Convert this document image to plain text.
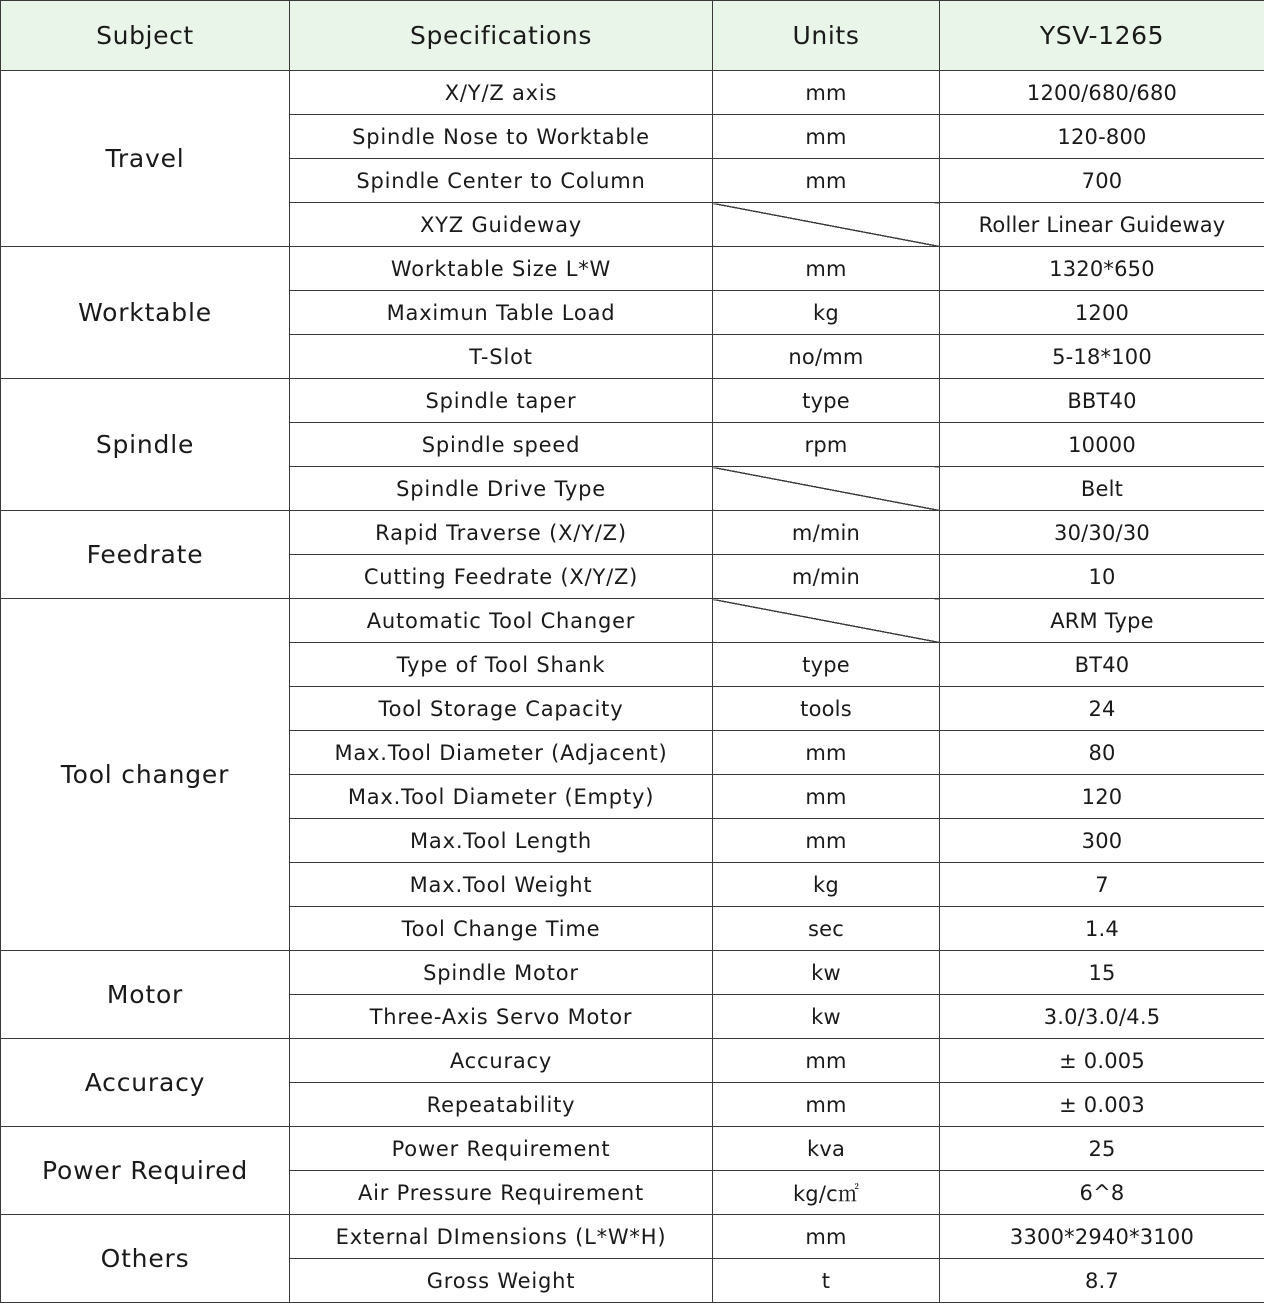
Subject	Specifications	Units	YSV-1265
Travel	X/Y/Z axis	mm	1200/680/680
	Spindle Nose to Worktable	mm	120-800
	Spindle Center to Column	mm	700
	XYZ Guideway		Roller Linear Guideway
Worktable	Worktable Size L*W	mm	1320*650
	Maximun Table Load	kg	1200
	T-Slot	no/mm	5-18*100
Spindle	Spindle taper	type	BBT40
	Spindle speed	rpm	10000
	Spindle Drive Type		Belt
Feedrate	Rapid Traverse (X/Y/Z)	m/min	30/30/30
	Cutting Feedrate (X/Y/Z)	m/min	10
Tool changer	Automatic Tool Changer		ARM Type
	Type of Tool Shank	type	BT40
	Tool Storage Capacity	tools	24
	Max.Tool Diameter (Adjacent)	mm	80
	Max.Tool Diameter (Empty)	mm	120
	Max.Tool Length	mm	300
	Max.Tool Weight	kg	7
	Tool Change Time	sec	1.4
Motor	Spindle Motor	kw	15
	Three-Axis Servo Motor	kw	3.0/3.0/4.5
Accuracy	Accuracy	mm	± 0.005
	Repeatability	mm	± 0.003
Power Required	Power Requirement	kva	25
	Air Pressure Requirement	kg/c㎡	6^8
Others	External DImensions (L*W*H)	mm	3300*2940*3100
	Gross Weight	t	8.7
